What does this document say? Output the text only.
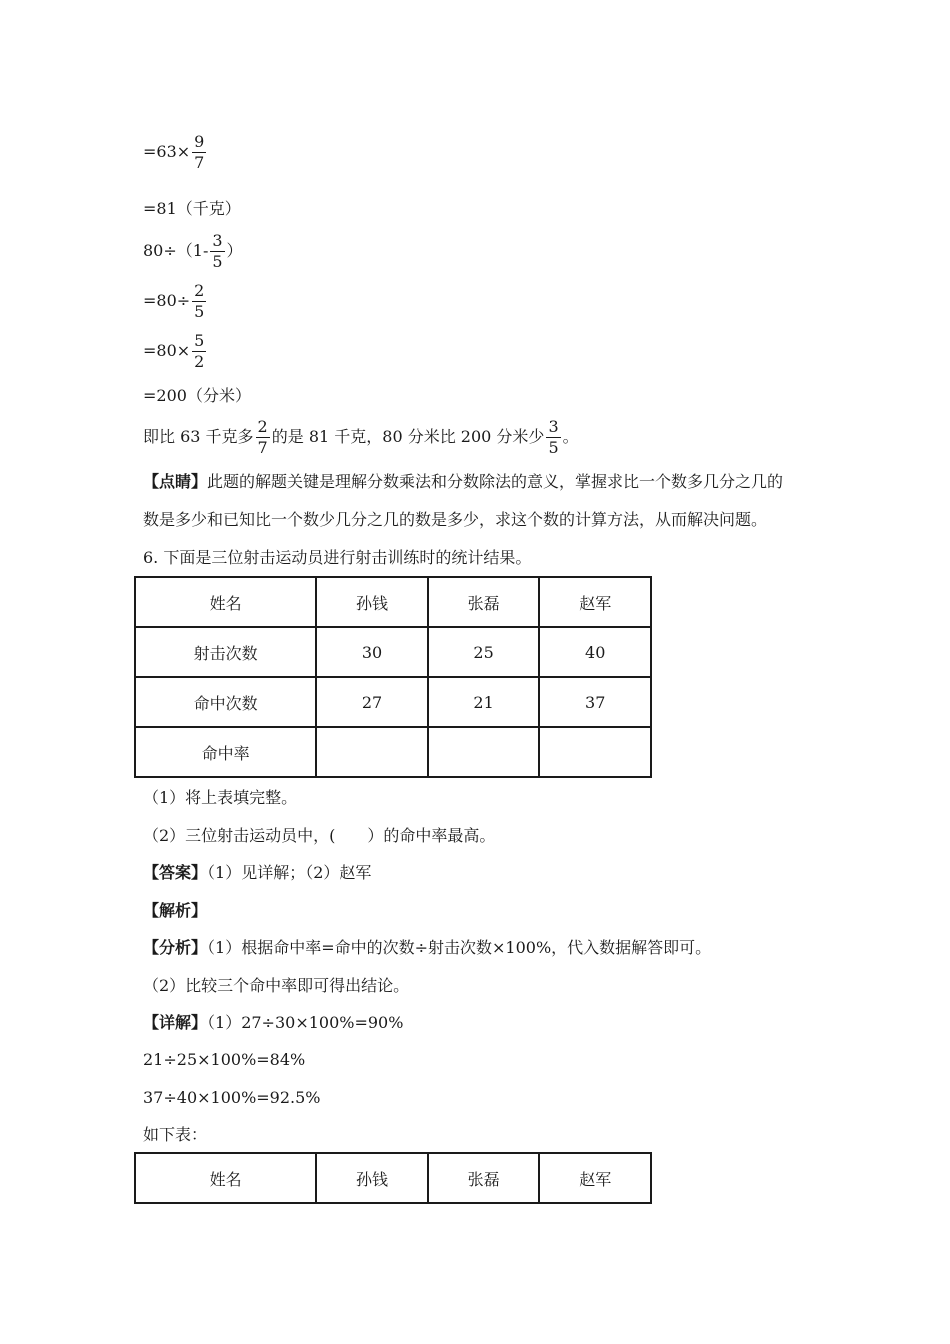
$=63\times \frac{9}{7}$
=81（千克）
$80\div(1- \frac{3}{5}$ ）
$=80\div \frac{2}{5}$
$=80\times \frac{5}{2}$
=200（分米）
即比 63 千克多 $\frac{2}{7}$ 的是 81 千克，80 分米比 200 分米少 $\frac{3}{5}$ 。
【点睛】此题的解题关键是理解分数乘法和分数除法的意义，掌握求比一个数多几分之几的
数是多少和已知比一个数少几分之几的数是多少，求这个数的计算方法，从而解决问题。
6. 下面是三位射击运动员进行射击训练时的统计结果。
姓名	孙钱	张磊	赵军
射击次数	30	25	40
命中次数	27	21	37
命中率			
（1）将上表填完整。
（2）三位射击运动员中，(　　）的命中率最高。
【答案】（1）见详解；（2）赵军
【解析】
【分析】（1）根据命中率=命中的次数÷射击次数×100%，代入数据解答即可。
（2）比较三个命中率即可得出结论。
【详解】（1）27÷30×100%=90%
21÷25×100%=84%
37÷40×100%=92.5%
如下表：
姓名	孙钱	张磊	赵军
